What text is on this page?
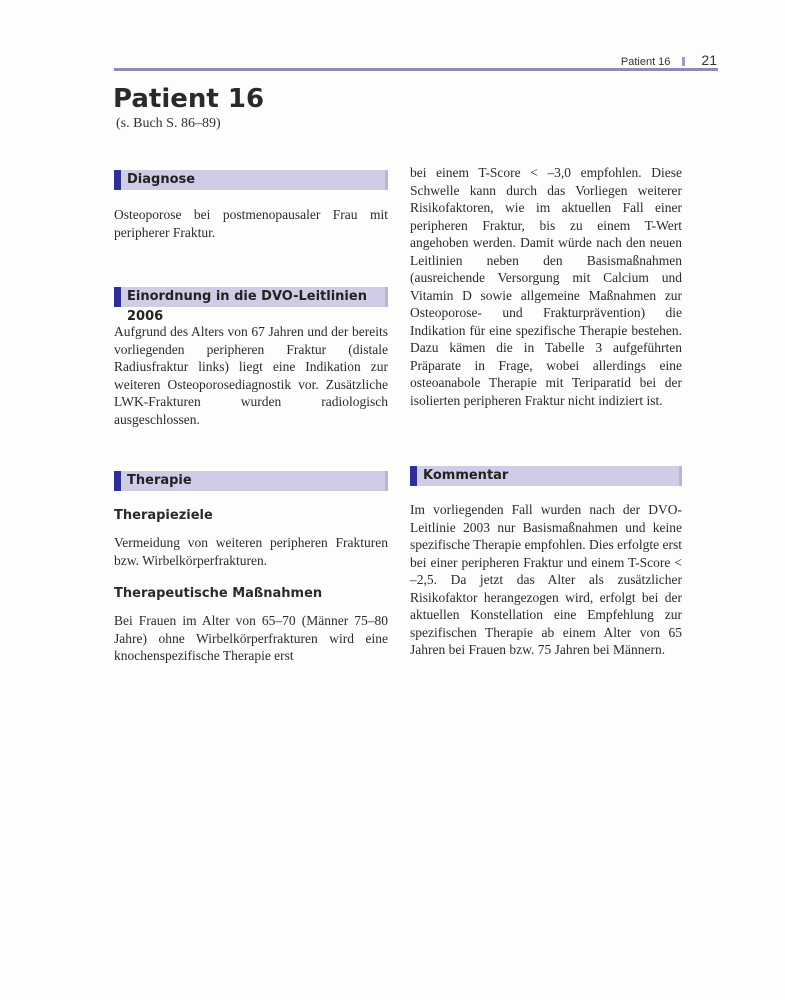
Patient 16 21
Patient 16
(s. Buch S. 86–89)
Diagnose

Osteoporose bei postmenopausaler Frau mit peripherer Fraktur.

Einordnung in die DVO-Leitlinien 2006

Aufgrund des Alters von 67 Jahren und der bereits vorliegenden peripheren Fraktur (distale Radiusfraktur links) liegt eine Indikation zur weiteren Osteoporosediagnostik vor. Zusätzliche LWK-Frakturen wurden radiologisch ausgeschlossen.

Therapie
Therapieziele

Vermeidung von weiteren peripheren Frakturen bzw. Wirbelkörperfrakturen.

Therapeutische Maßnahmen

Bei Frauen im Alter von 65–70 (Männer 75–80 Jahre) ohne Wirbelkörperfrakturen wird eine knochenspezifische Therapie erst

bei einem T-Score < –3,0 empfohlen. Diese Schwelle kann durch das Vorliegen weiterer Risikofaktoren, wie im aktuellen Fall einer peripheren Fraktur, bis zu einem T-Wert angehoben werden. Damit würde nach den neuen Leitlinien neben den Basismaßnahmen (ausreichende Versorgung mit Calcium und Vitamin D sowie allgemeine Maßnahmen zur Osteoporose- und Frakturprävention) die Indikation für eine spezifische Therapie bestehen. Dazu kämen die in Tabelle 3 aufgeführten Präparate in Frage, wobei allerdings eine osteoanabole Therapie mit Teriparatid bei der isolierten peripheren Fraktur nicht indiziert ist.

Kommentar

Im vorliegenden Fall wurden nach der DVO-Leitlinie 2003 nur Basismaßnahmen und keine spezifische Therapie empfohlen. Dies erfolgte erst bei einer peripheren Fraktur und einem T-Score < –2,5. Da jetzt das Alter als zusätzlicher Risikofaktor herangezogen wird, erfolgt bei der aktuellen Konstellation eine Empfehlung zur spezifischen Therapie ab einem Alter von 65 Jahren bei Frauen bzw. 75 Jahren bei Männern.
